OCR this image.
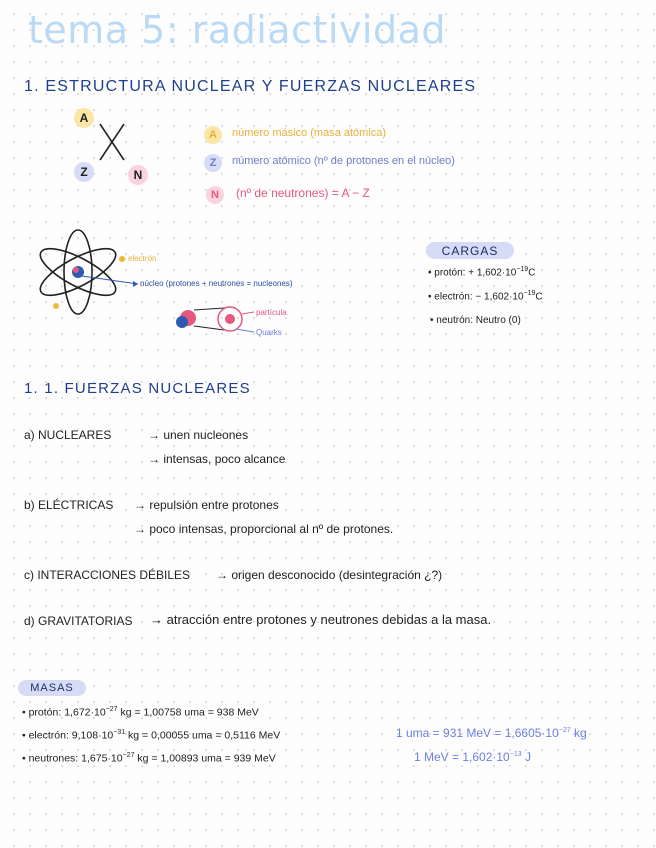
tema 5: radiactividad
1. ESTRUCTURA NUCLEAR Y FUERZAS NUCLEARES
A
Z	N
A número másico (masa atómica)
Z número atómico (nº de protones en el núcleo)
N (nº de neutrones) = A − Z
electrón
núcleo (protones + neutrones = nucleones)
partícula
Quarks
CARGAS
• protón: + $1,602\cdot 10^{-19}C$
• electrón: − $1,602\cdot 10^{-19}C$
• neutrón: Neutro (0)
1. 1. FUERZAS NUCLEARES
a) NUCLEARES	→ unen nucleones
→ intensas, poco alcance
b) ELÉCTRICAS → repulsión entre protones
→ poco intensas, proporcional al nº de protones.
c) INTERACCIONES DÉBILES → origen desconocido (desintegración ¿?)
d) GRAVITATORIAS → atracción entre protones y neutrones debidas a la masa.
MASAS
• protón: $1,672\cdot 10^{-27}$ kg = 1,00758 uma = 938 MeV
• electrón: $9,108\cdot 10^{-31}$ kg = 0,00055 uma = 0,5116 MeV
• neutrones: $1,675\cdot 10^{-27}$ kg = 1,00893 uma = 939 MeV
1 uma = 931 MeV = $1,6605\cdot 10^{-27}$ kg
1 MeV = $1,602\cdot 10^{-13}$ J
